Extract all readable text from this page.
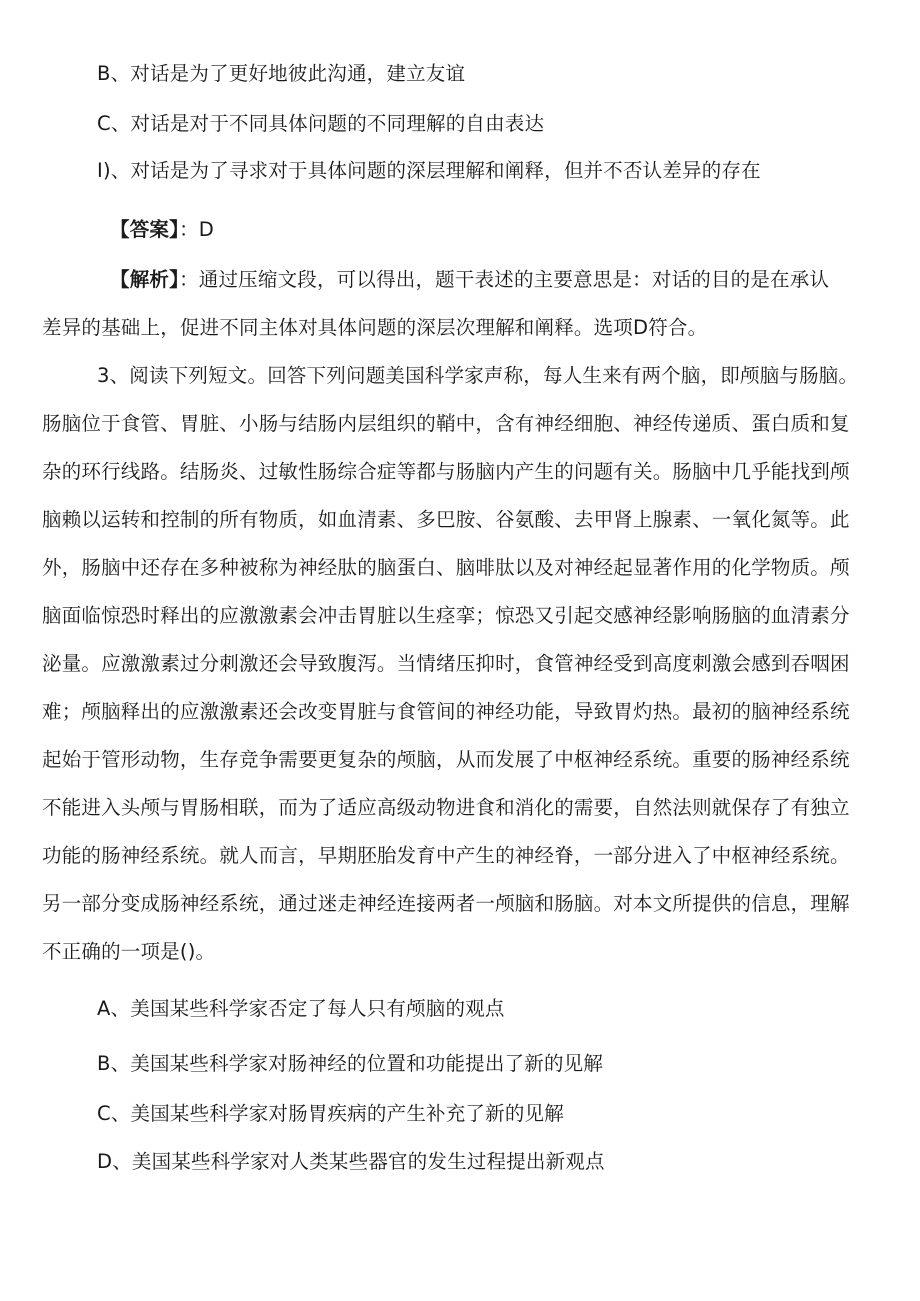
B、对话是为了更好地彼此沟通，建立友谊
C、对话是对于不同具体问题的不同理解的自由表达
I)、对话是为了寻求对于具体问题的深层理解和阐释，但并不否认差异的存在
【答案】：D
【解析】：通过压缩文段，可以得出，题干表述的主要意思是：对话的目的是在承认
差异的基础上，促进不同主体对具体问题的深层次理解和阐释。选项D符合。
3、阅读下列短文。回答下列问题美国科学家声称，每人生来有两个脑，即颅脑与肠脑。
肠脑位于食管、胃脏、小肠与结肠内层组织的鞘中，含有神经细胞、神经传递质、蛋白质和复
杂的环行线路。结肠炎、过敏性肠综合症等都与肠脑内产生的问题有关。肠脑中几乎能找到颅
脑赖以运转和控制的所有物质，如血清素、多巴胺、谷氨酸、去甲肾上腺素、一氧化氮等。此
外，肠脑中还存在多种被称为神经肽的脑蛋白、脑啡肽以及对神经起显著作用的化学物质。颅
脑面临惊恐时释出的应激激素会冲击胃脏以生痉挛；惊恐又引起交感神经影响肠脑的血清素分
泌量。应激激素过分刺激还会导致腹泻。当情绪压抑时，食管神经受到高度刺激会感到吞咽困
难；颅脑释出的应激激素还会改变胃脏与食管间的神经功能，导致胃灼热。最初的脑神经系统
起始于管形动物，生存竞争需要更复杂的颅脑，从而发展了中枢神经系统。重要的肠神经系统
不能进入头颅与胃肠相联，而为了适应高级动物进食和消化的需要，自然法则就保存了有独立
功能的肠神经系统。就人而言，早期胚胎发育中产生的神经脊，一部分进入了中枢神经系统。
另一部分变成肠神经系统，通过迷走神经连接两者一颅脑和肠脑。对本文所提供的信息，理解
不正确的一项是()。
A、美国某些科学家否定了每人只有颅脑的观点
B、美国某些科学家对肠神经的位置和功能提出了新的见解
C、美国某些科学家对肠胃疾病的产生补充了新的见解
D、美国某些科学家对人类某些器官的发生过程提出新观点
